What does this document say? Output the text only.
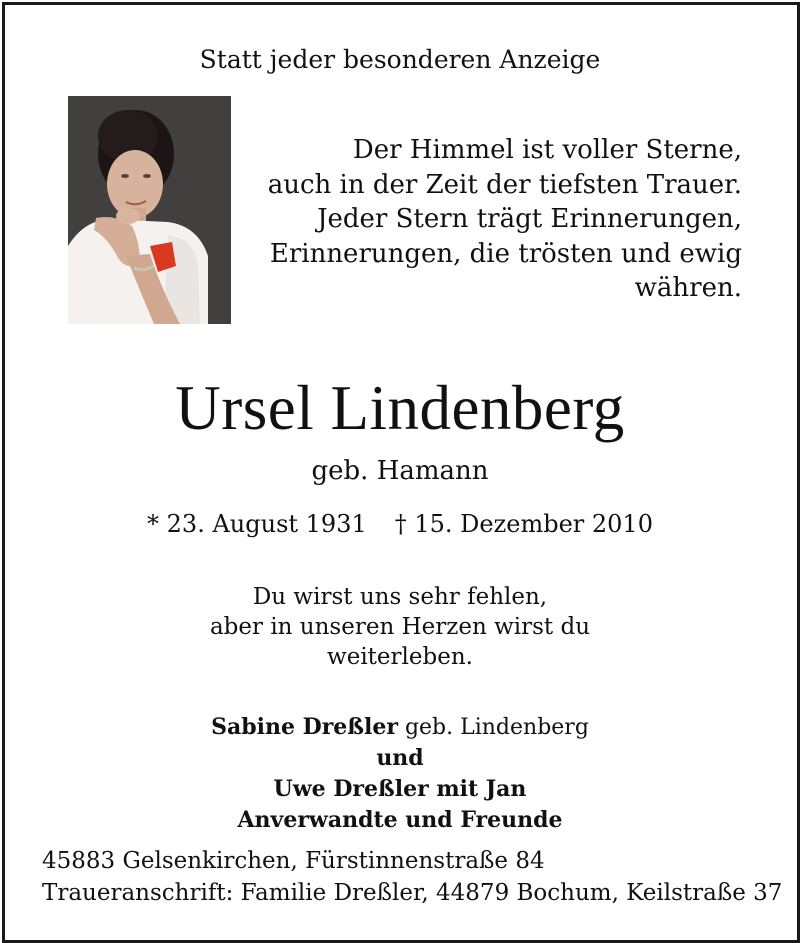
Statt jeder besonderen Anzeige
Der Himmel ist voller Sterne,
auch in der Zeit der tiefsten Trauer.
Jeder Stern trägt Erinnerungen,
Erinnerungen, die trösten und ewig
währen.
Ursel Lindenberg
geb. Hamann
* 23. August 1931 † 15. Dezember 2010
Du wirst uns sehr fehlen,
aber in unseren Herzen wirst du
weiterleben.
Sabine Dreßler geb. Lindenberg
und
Uwe Dreßler mit Jan
Anverwandte und Freunde
45883 Gelsenkirchen, Fürstinnenstraße 84
Traueranschrift: Familie Dreßler, 44879 Bochum, Keilstraße 37
